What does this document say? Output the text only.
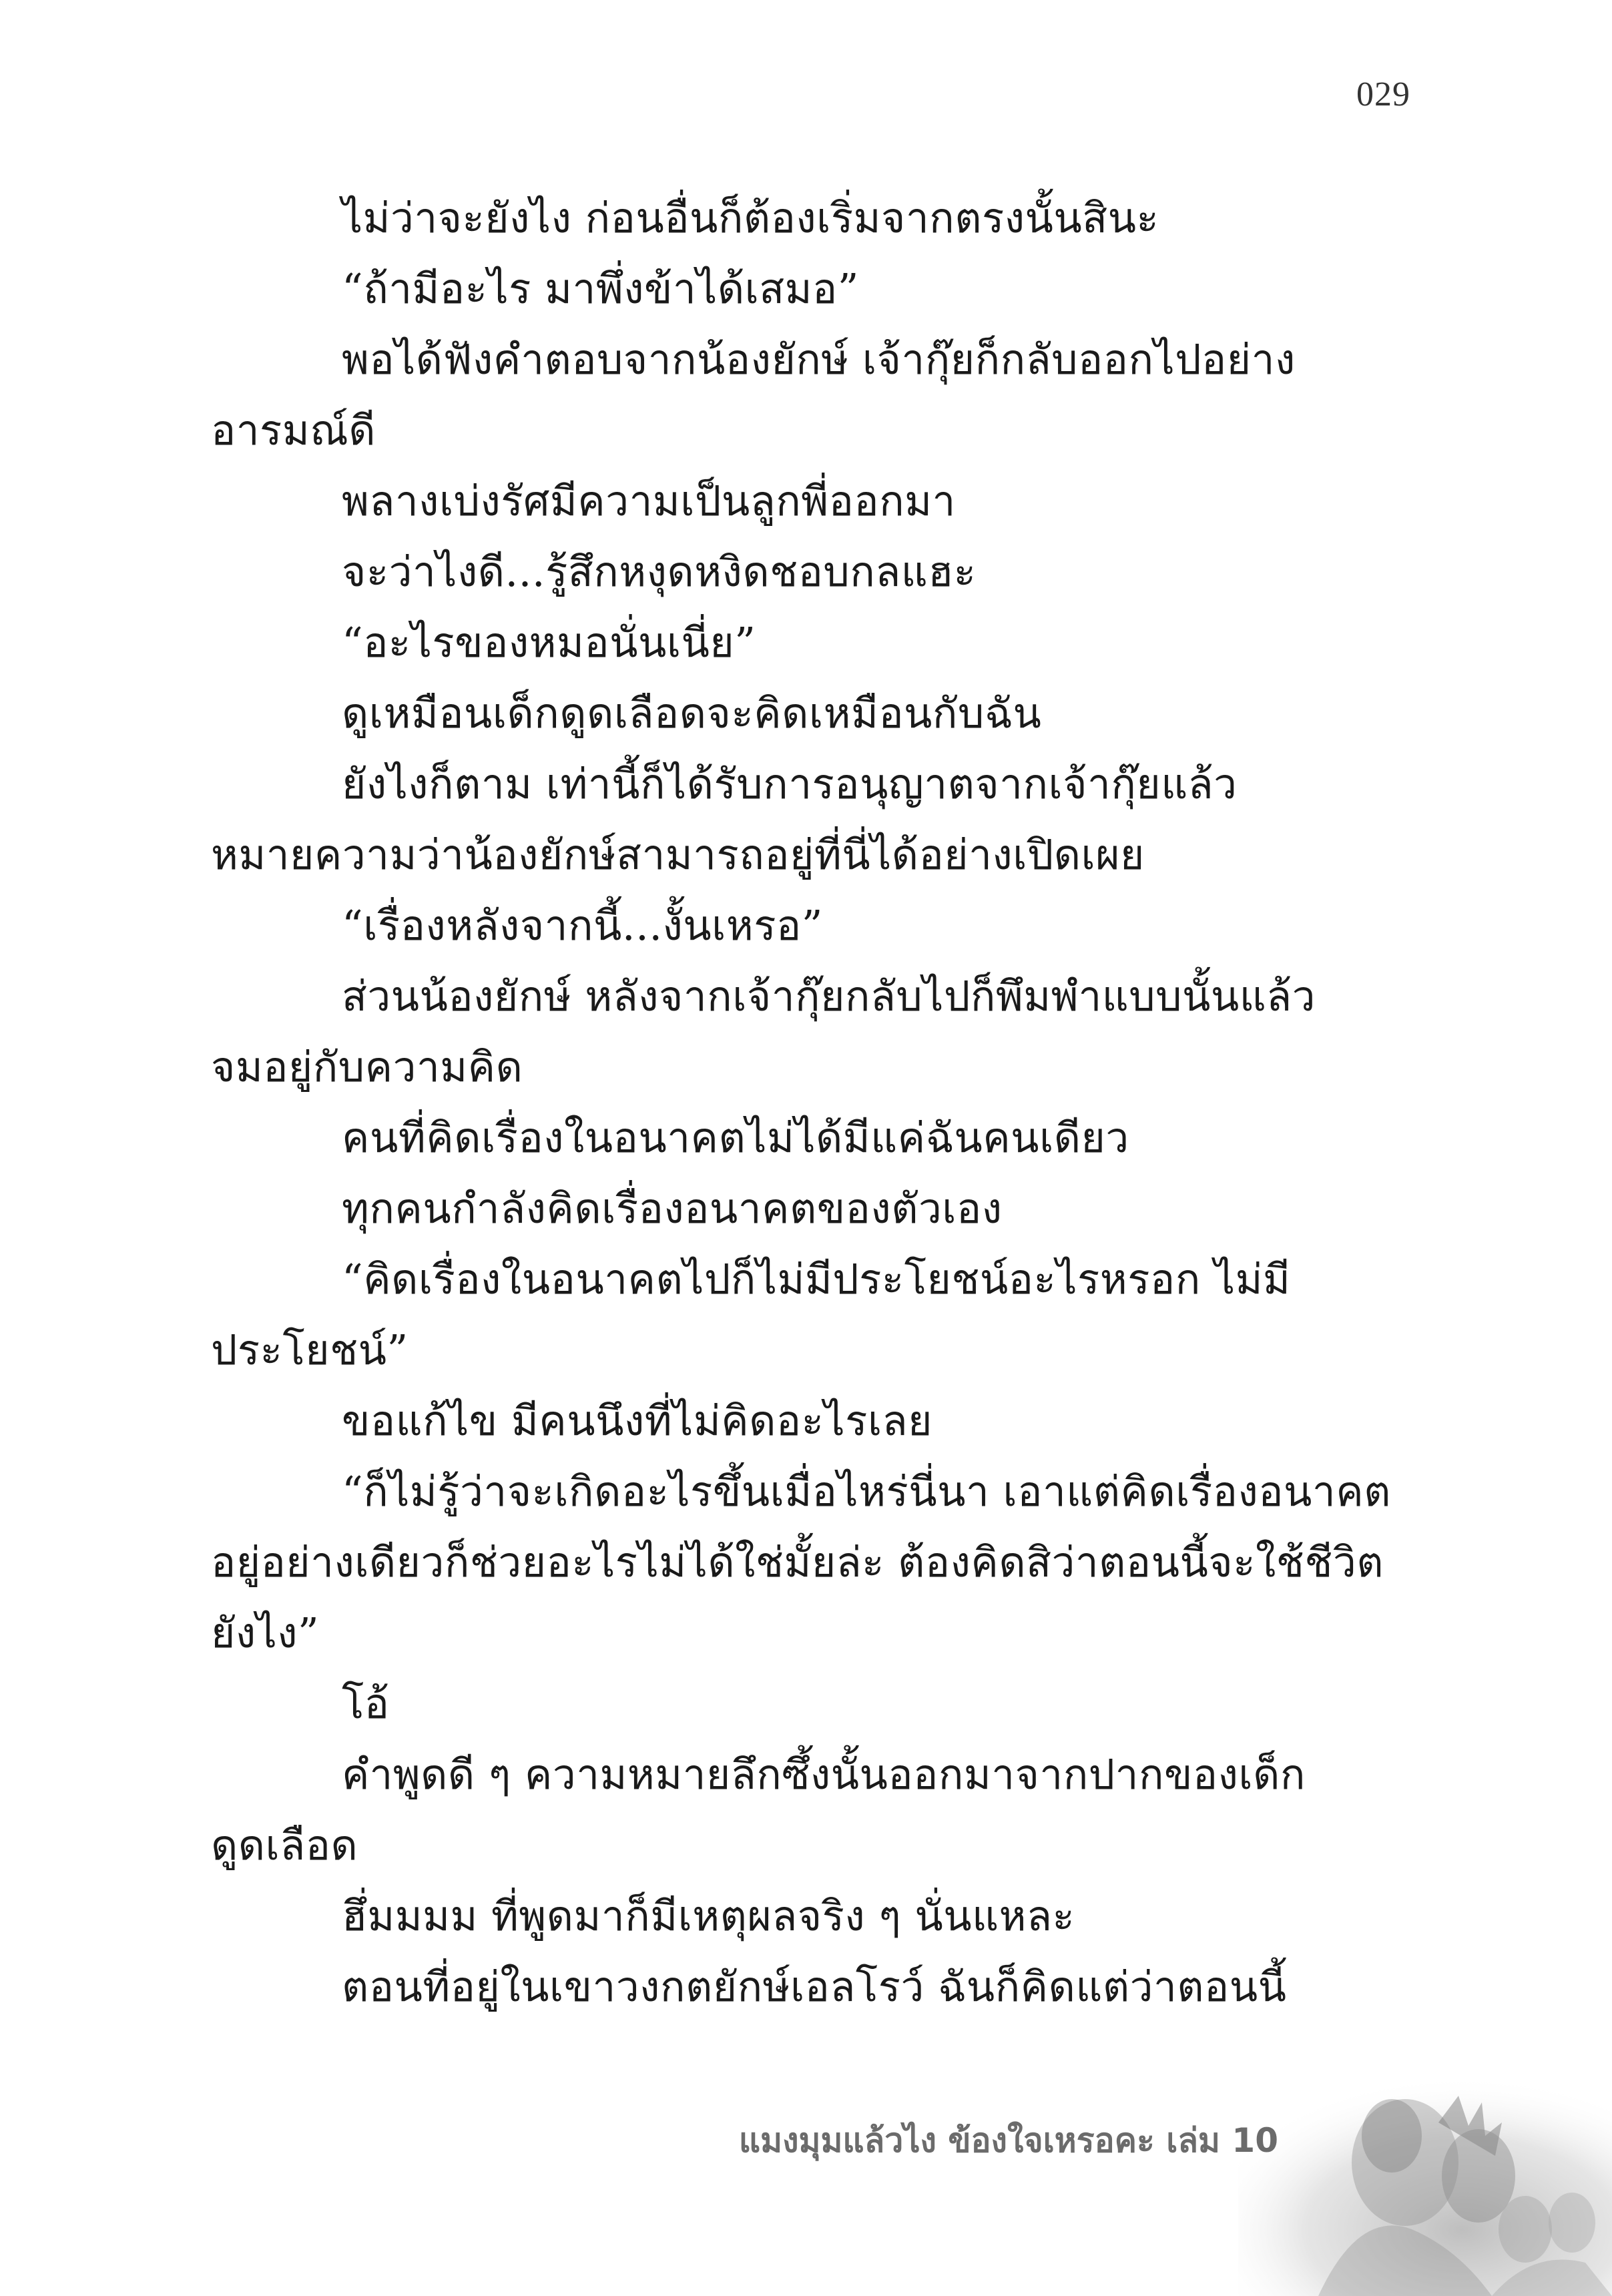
029
ไม่ว่าจะยังไง ก่อนอื่นก็ต้องเริ่มจากตรงนั้นสินะ
“ถ้ามีอะไร มาพึ่งข้าได้เสมอ”
พอได้ฟังคำตอบจากน้องยักษ์ เจ้ากุ๊ยก็กลับออกไปอย่าง
อารมณ์ดี
พลางเบ่งรัศมีความเป็นลูกพี่ออกมา
จะว่าไงดี...รู้สึกหงุดหงิดชอบกลแฮะ
“อะไรของหมอนั่นเนี่ย”
ดูเหมือนเด็กดูดเลือดจะคิดเหมือนกับฉัน
ยังไงก็ตาม เท่านี้ก็ได้รับการอนุญาตจากเจ้ากุ๊ยแล้ว
หมายความว่าน้องยักษ์สามารถอยู่ที่นี่ได้อย่างเปิดเผย
“เรื่องหลังจากนี้...งั้นเหรอ”
ส่วนน้องยักษ์ หลังจากเจ้ากุ๊ยกลับไปก็พึมพำแบบนั้นแล้ว
จมอยู่กับความคิด
คนที่คิดเรื่องในอนาคตไม่ได้มีแค่ฉันคนเดียว
ทุกคนกำลังคิดเรื่องอนาคตของตัวเอง
“คิดเรื่องในอนาคตไปก็ไม่มีประโยชน์อะไรหรอก ไม่มี
ประโยชน์”
ขอแก้ไข มีคนนึงที่ไม่คิดอะไรเลย
“ก็ไม่รู้ว่าจะเกิดอะไรขึ้นเมื่อไหร่นี่นา เอาแต่คิดเรื่องอนาคต
อยู่อย่างเดียวก็ช่วยอะไรไม่ได้ใช่มั้ยล่ะ ต้องคิดสิว่าตอนนี้จะใช้ชีวิต
ยังไง”
โอ้
คำพูดดี ๆ ความหมายลึกซึ้งนั้นออกมาจากปากของเด็ก
ดูดเลือด
ฮึ่มมมม ที่พูดมาก็มีเหตุผลจริง ๆ นั่นแหละ
ตอนที่อยู่ในเขาวงกตยักษ์เอลโรว์ ฉันก็คิดแต่ว่าตอนนี้
แมงมุมแล้วไง ข้องใจเหรอคะ เล่ม 10
